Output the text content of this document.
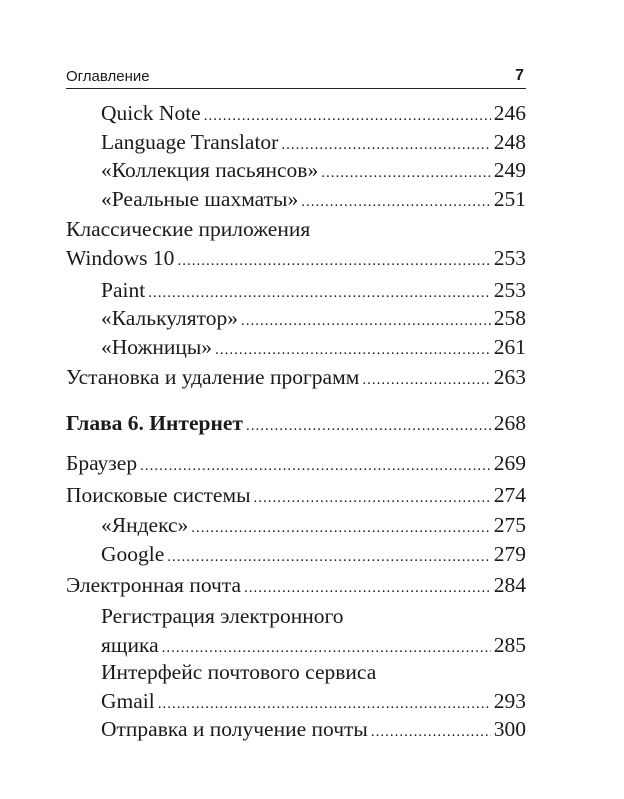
Оглавление	7
Quick Note .....	246
Language Translator .....	248
«Коллекция пасьянсов» .....	249
«Реальные шахматы» .....	251
Классические приложения
Windows 10 .....	253
Paint .....	253
«Калькулятор» .....	258
«Ножницы» .....	261
Установка и удаление программ .....	263
Глава 6. Интернет .....	268
Браузер .....	269
Поисковые системы .....	274
«Яндекс» .....	275
Google .....	279
Электронная почта .....	284
Регистрация электронного
ящика .....	285
Интерфейс почтового сервиса
Gmail .....	293
Отправка и получение почты .....	300
